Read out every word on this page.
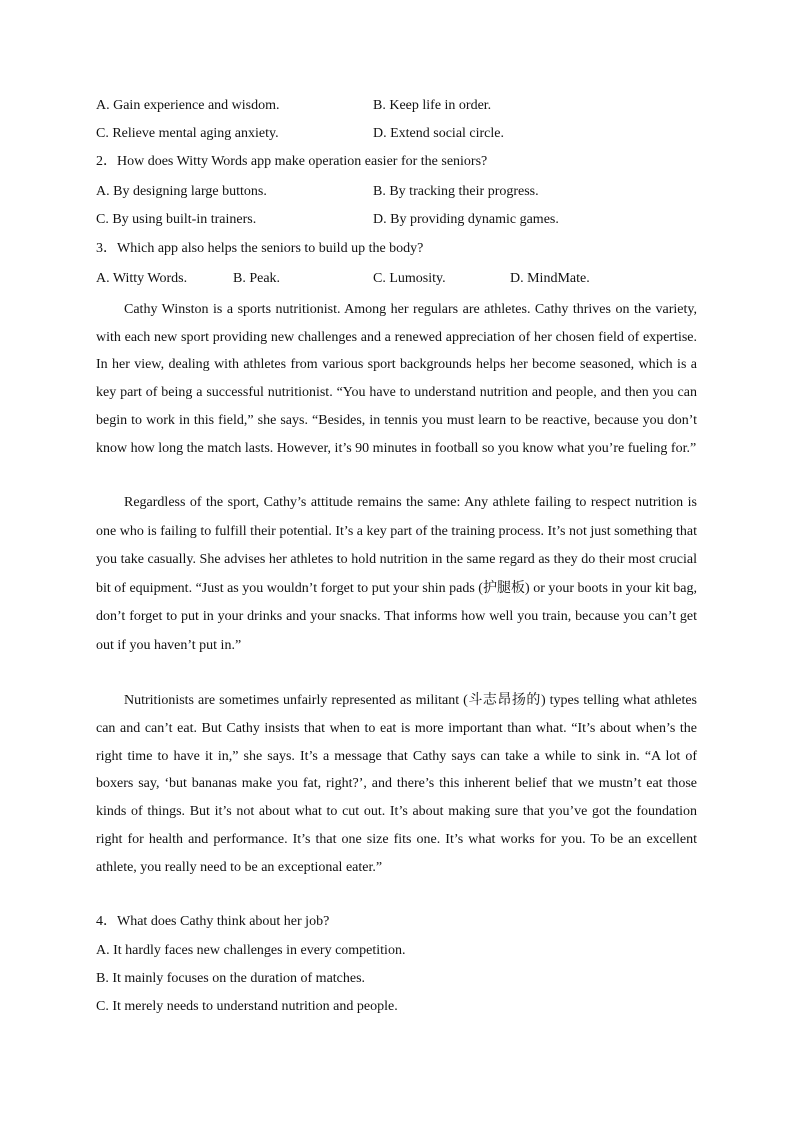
A. Gain experience and wisdom.	B. Keep life in order.
C. Relieve mental aging anxiety.	D. Extend social circle.
2．How does Witty Words app make operation easier for the seniors?
A. By designing large buttons.	B. By tracking their progress.
C. By using built-in trainers.	D. By providing dynamic games.
3．Which app also helps the seniors to build up the body?
A. Witty Words.	B. Peak.	C. Lumosity.	D. MindMate.

Cathy Winston is a sports nutritionist. Among her regulars are athletes. Cathy thrives on the variety, with each new sport providing new challenges and a renewed appreciation of her chosen field of expertise. In her view, dealing with athletes from various sport backgrounds helps her become seasoned, which is a key part of being a successful nutritionist. “You have to understand nutrition and people, and then you can begin to work in this field,” she says. “Besides, in tennis you must learn to be reactive, because you don’t know how long the match lasts. However, it’s 90 minutes in football so you know what you’re fueling for.”

Regardless of the sport, Cathy’s attitude remains the same: Any athlete failing to respect nutrition is one who is failing to fulfill their potential. It’s a key part of the training process. It’s not just something that you take casually. She advises her athletes to hold nutrition in the same regard as they do their most crucial bit of equipment. “Just as you wouldn’t forget to put your shin pads (护腿板) or your boots in your kit bag, don’t forget to put in your drinks and your snacks. That informs how well you train, because you can’t get out if you haven’t put in.”

Nutritionists are sometimes unfairly represented as militant (斗志昂扬的) types telling what athletes can and can’t eat. But Cathy insists that when to eat is more important than what. “It’s about when’s the right time to have it in,” she says. It’s a message that Cathy says can take a while to sink in. “A lot of boxers say, ‘but bananas make you fat, right?’, and there’s this inherent belief that we mustn’t eat those kinds of things. But it’s not about what to cut out. It’s about making sure that you’ve got the foundation right for health and performance. It’s that one size fits one. It’s what works for you. To be an excellent athlete, you really need to be an exceptional eater.”

4．What does Cathy think about her job?
A. It hardly faces new challenges in every competition.
B. It mainly focuses on the duration of matches.
C. It merely needs to understand nutrition and people.
